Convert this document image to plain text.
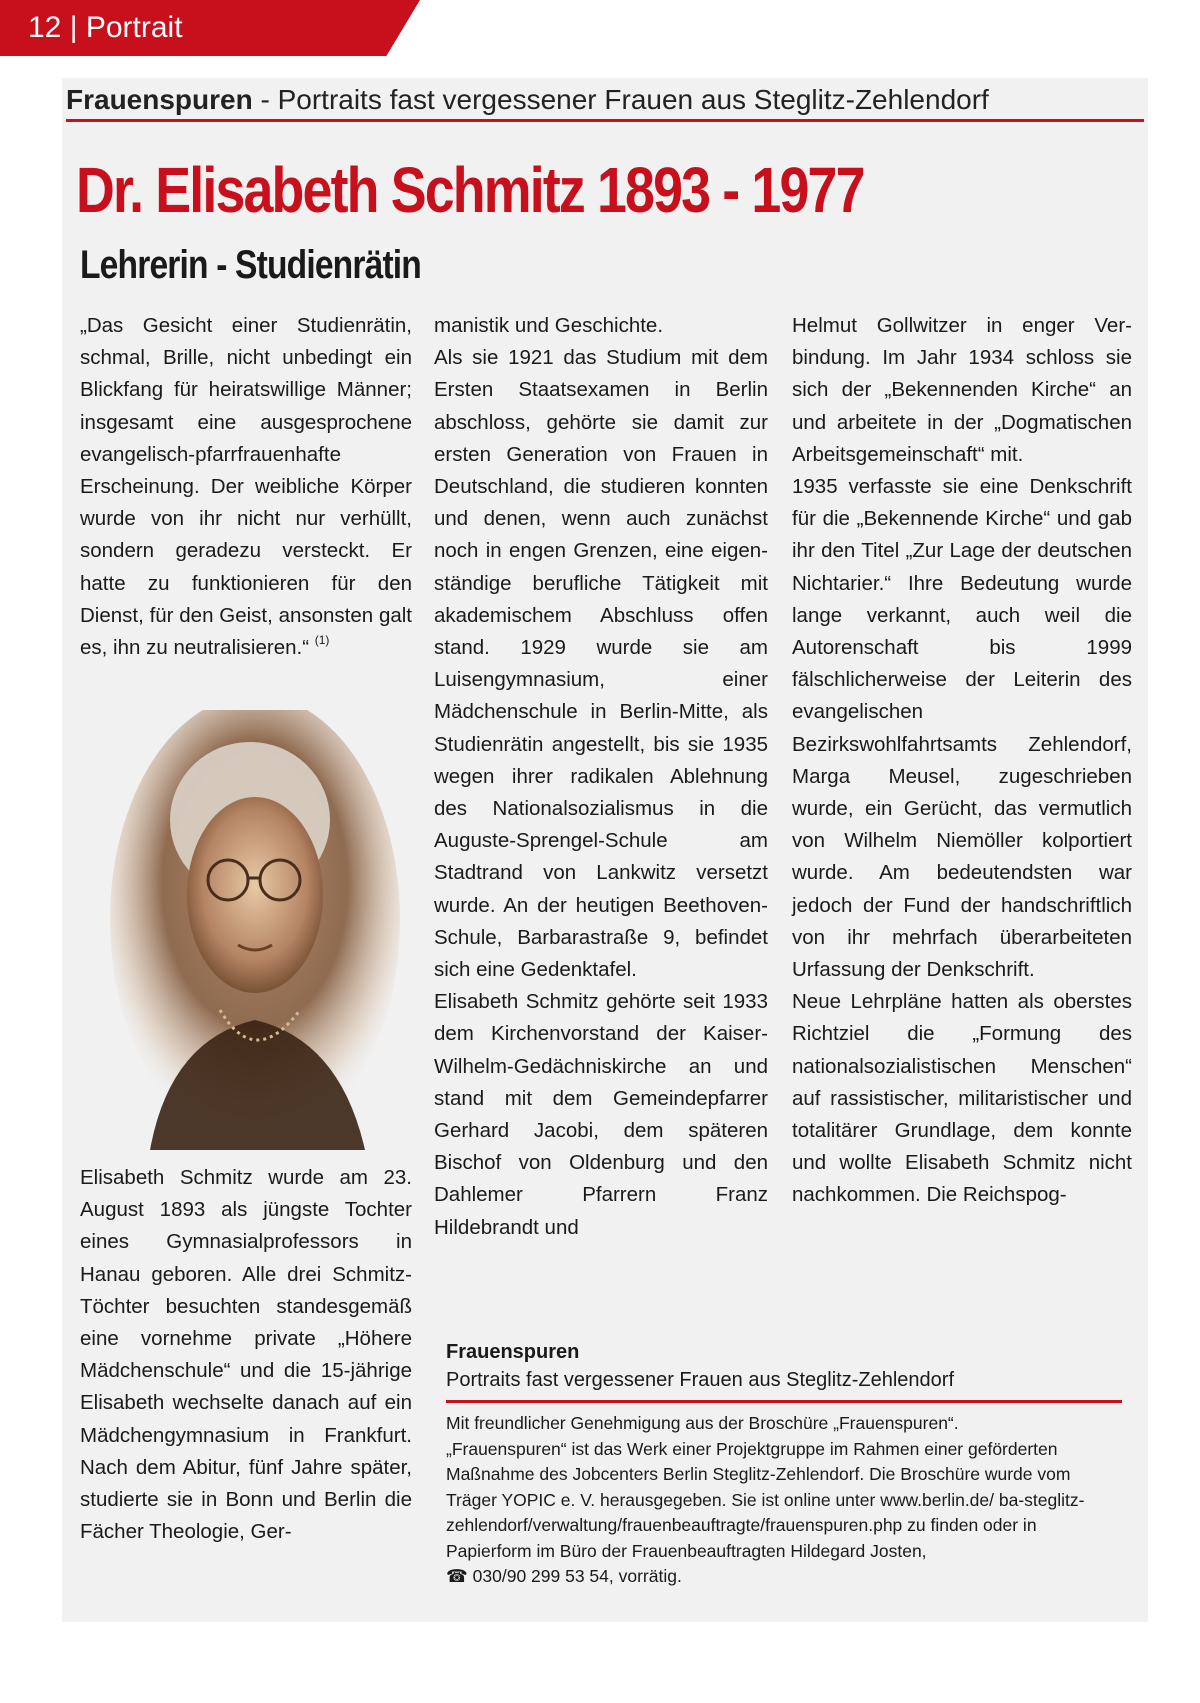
12 | Portrait
Frauenspuren - Portraits fast vergessener Frauen aus Steglitz-Zehlendorf
Dr. Elisabeth Schmitz 1893 - 1977
Lehrerin - Studienrätin
„Das Gesicht einer Studienrätin, schmal, Brille, nicht unbedingt ein Blickfang für heiratswillige Männer; insgesamt eine ausgesprochene evangelisch-pfarrfrauenhafte Erscheinung. Der weibliche Körper wurde von ihr nicht nur verhüllt, sondern geradezu versteckt. Er hatte zu funktionieren für den Dienst, für den Geist, ansonsten galt es, ihn zu neutralisieren.“ $^{(1)}$
Elisabeth Schmitz wurde am 23. August 1893 als jüngste Tochter eines Gymnasialprofessors in Hanau geboren. Alle drei Schmitz-Töchter besuchten standesgemäß eine vornehme private „Höhere Mädchenschule“ und die 15-jährige Elisabeth wechselte danach auf ein Mädchengymnasium in Frankfurt. Nach dem Abitur, fünf Jahre später, studierte sie in Bonn und Berlin die Fächer Theologie, Ger-

manistik und Geschichte.

Als sie 1921 das Studium mit dem Ersten Staatsexamen in Berlin abschloss, gehörte sie damit zur ersten Generation von Frauen in Deutschland, die studieren konnten und denen, wenn auch zunächst noch in engen Grenzen, eine eigenständige berufliche Tätigkeit mit akademischem Abschluss offen stand. 1929 wurde sie am Luisengymnasium, einer Mädchenschule in Berlin-Mitte, als Studienrätin angestellt, bis sie 1935 wegen ihrer radikalen Ablehnung des Nationalsozialismus in die Auguste-Sprengel-Schule am Stadtrand von Lankwitz versetzt wurde. An der heutigen Beethoven-Schule, Barbarastraße 9, befindet sich eine Gedenktafel.

Elisabeth Schmitz gehörte seit 1933 dem Kirchenvorstand der Kaiser-Wilhelm-Gedächniskirche an und stand mit dem Gemeindepfarrer Gerhard Jacobi, dem späteren Bischof von Oldenburg und den Dahlemer Pfarrern Franz Hildebrandt und

Helmut Gollwitzer in enger Verbindung. Im Jahr 1934 schloss sie sich der „Bekennenden Kirche“ an und arbeitete in der „Dogmatischen Arbeitsgemeinschaft“ mit.

1935 verfasste sie eine Denkschrift für die „Bekennende Kirche“ und gab ihr den Titel „Zur Lage der deutschen Nichtarier.“ Ihre Bedeutung wurde lange verkannt, auch weil die Autorenschaft bis 1999 fälschlicherweise der Leiterin des evangelischen Bezirkswohlfahrtsamts Zehlendorf, Marga Meusel, zugeschrieben wurde, ein Gerücht, das vermutlich von Wilhelm Niemöller kolportiert wurde. Am bedeutendsten war jedoch der Fund der handschriftlich von ihr mehrfach überarbeiteten Urfassung der Denkschrift.

Neue Lehrpläne hatten als oberstes Richtziel die „Formung des nationalsozialistischen Menschen“ auf rassistischer, militaristischer und totalitärer Grundlage, dem konnte und wollte Elisabeth Schmitz nicht nachkommen. Die Reichspog-

Frauenspuren
Portraits fast vergessener Frauen aus Steglitz-Zehlendorf

Mit freundlicher Genehmigung aus der Broschüre „Frauenspuren“.

„Frauenspuren“ ist das Werk einer Projektgruppe im Rahmen einer geförderten Maßnahme des Jobcenters Berlin Steglitz-Zehlendorf. Die Broschüre wurde vom Träger YOPIC e. V. herausgegeben. Sie ist online unter www.berlin.de/ ba-steglitz-zehlendorf/verwaltung/frauenbeauftragte/frauenspuren.php zu finden oder in Papierform im Büro der Frauenbeauftragten Hildegard Josten,

☎ 030/90 299 53 54, vorrätig.
